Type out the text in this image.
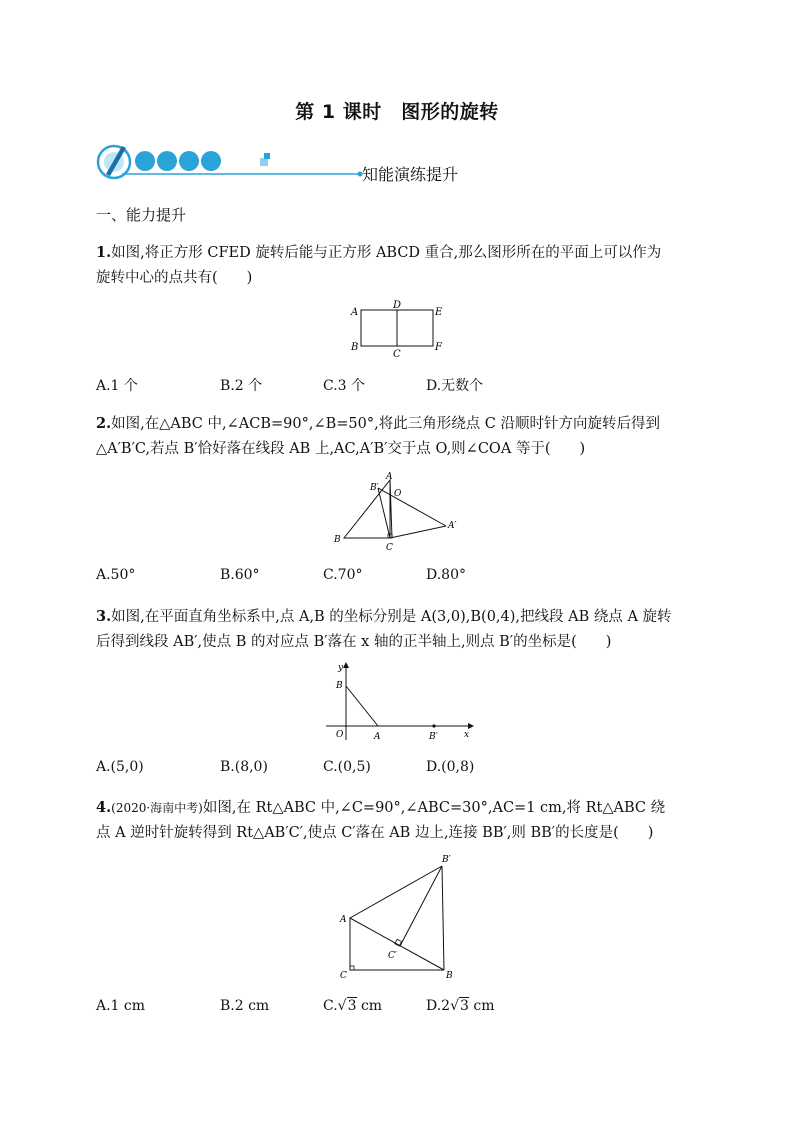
第 1 课时　图形的旋转
知能演练提升
一、能力提升
1.如图,将正方形 CFED 旋转后能与正方形 ABCD 重合,那么图形所在的平面上可以作为
旋转中心的点共有(　　)
A
D
E
B
C
F
A.1 个	B.2 个	C.3 个	D.无数个
2.如图,在△ABC 中,∠ACB=90°,∠B=50°,将此三角形绕点 C 沿顺时针方向旋转后得到
△A′B′C,若点 B′恰好落在线段 AB 上,AC,A′B′交于点 O,则∠COA 等于(　　)
A
B′
O
A′
B
C
A.50°	B.60°	C.70°	D.80°
3.如图,在平面直角坐标系中,点 A,B 的坐标分别是 A(3,0),B(0,4),把线段 AB 绕点 A 旋转
后得到线段 AB′,使点 B 的对应点 B′落在 x 轴的正半轴上,则点 B′的坐标是(　　)
y
B
O	A	B′	x
A.(5,0)	B.(8,0)	C.(0,5)	D.(0,8)
4.(2020·海南中考)如图,在 Rt△ABC 中,∠C=90°,∠ABC=30°,AC=1 cm,将 Rt△ABC 绕
点 A 逆时针旋转得到 Rt△AB′C′,使点 C′落在 AB 边上,连接 BB′,则 BB′的长度是(　　)
B′
A
C′
C	B
A.1 cm	B.2 cm	C.√3 cm	D.2√3 cm
